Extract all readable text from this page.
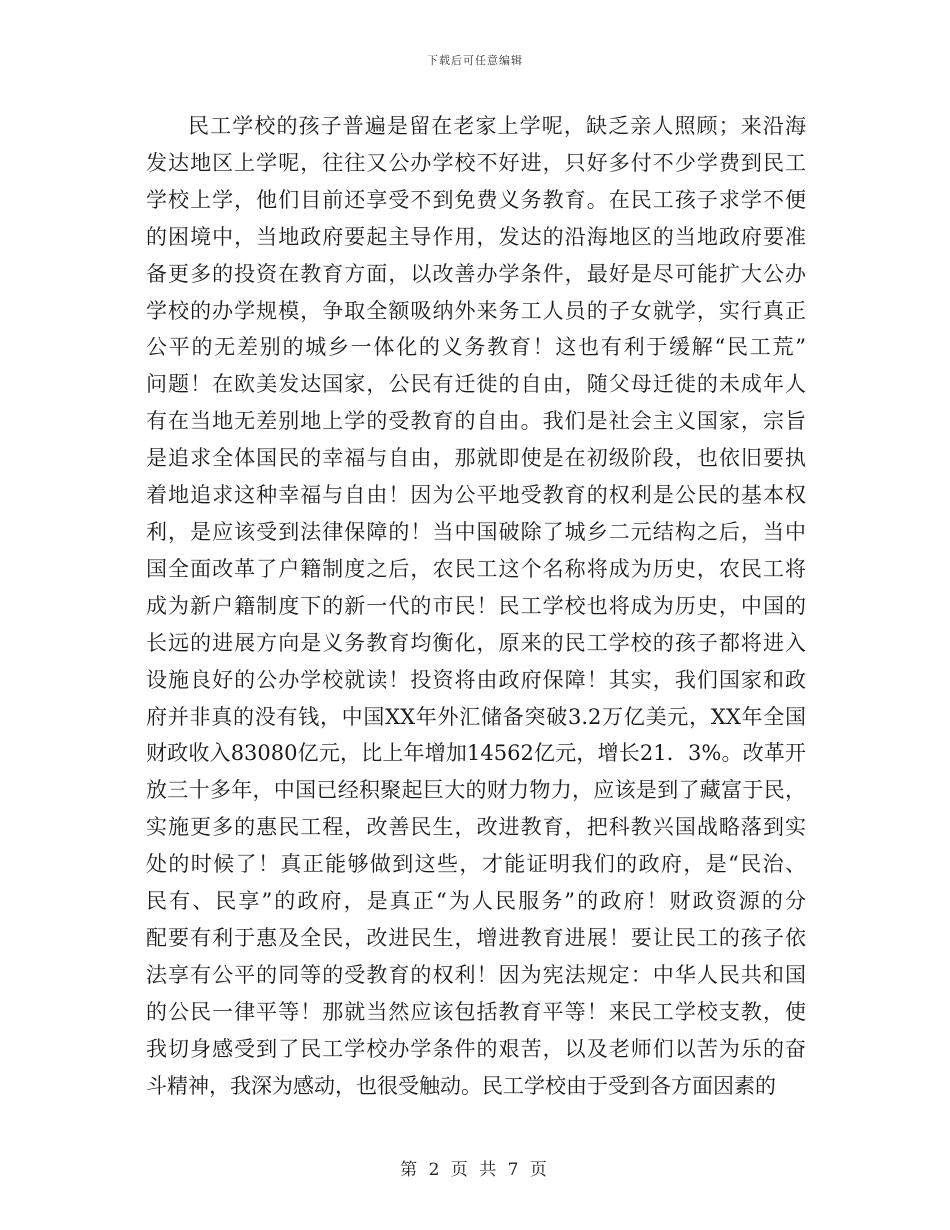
下载后可任意编辑
民工学校的孩子普遍是留在老家上学呢，缺乏亲人照顾；来沿海
发达地区上学呢，往往又公办学校不好进，只好多付不少学费到民工
学校上学，他们目前还享受不到免费义务教育。在民工孩子求学不便
的困境中，当地政府要起主导作用，发达的沿海地区的当地政府要准
备更多的投资在教育方面，以改善办学条件，最好是尽可能扩大公办
学校的办学规模，争取全额吸纳外来务工人员的子女就学，实行真正
公平的无差别的城乡一体化的义务教育！这也有利于缓解“民工荒”
问题！在欧美发达国家，公民有迁徙的自由，随父母迁徙的未成年人
有在当地无差别地上学的受教育的自由。我们是社会主义国家，宗旨
是追求全体国民的幸福与自由，那就即使是在初级阶段，也依旧要执
着地追求这种幸福与自由！因为公平地受教育的权利是公民的基本权
利，是应该受到法律保障的！当中国破除了城乡二元结构之后，当中
国全面改革了户籍制度之后，农民工这个名称将成为历史，农民工将
成为新户籍制度下的新一代的市民！民工学校也将成为历史，中国的
长远的进展方向是义务教育均衡化，原来的民工学校的孩子都将进入
设施良好的公办学校就读！投资将由政府保障！其实，我们国家和政
府并非真的没有钱，中国XX年外汇储备突破3.2万亿美元，XX年全国
财政收入83080亿元，比上年增加14562亿元，增长21．3%。改革开
放三十多年，中国已经积聚起巨大的财力物力，应该是到了藏富于民，
实施更多的惠民工程，改善民生，改进教育，把科教兴国战略落到实
处的时候了！真正能够做到这些，才能证明我们的政府，是“民治、
民有、民享”的政府，是真正“为人民服务”的政府！财政资源的分
配要有利于惠及全民，改进民生，增进教育进展！要让民工的孩子依
法享有公平的同等的受教育的权利！因为宪法规定：中华人民共和国
的公民一律平等！那就当然应该包括教育平等！来民工学校支教，使
我切身感受到了民工学校办学条件的艰苦，以及老师们以苦为乐的奋
斗精神，我深为感动，也很受触动。民工学校由于受到各方面因素的
第 2 页 共 7 页
